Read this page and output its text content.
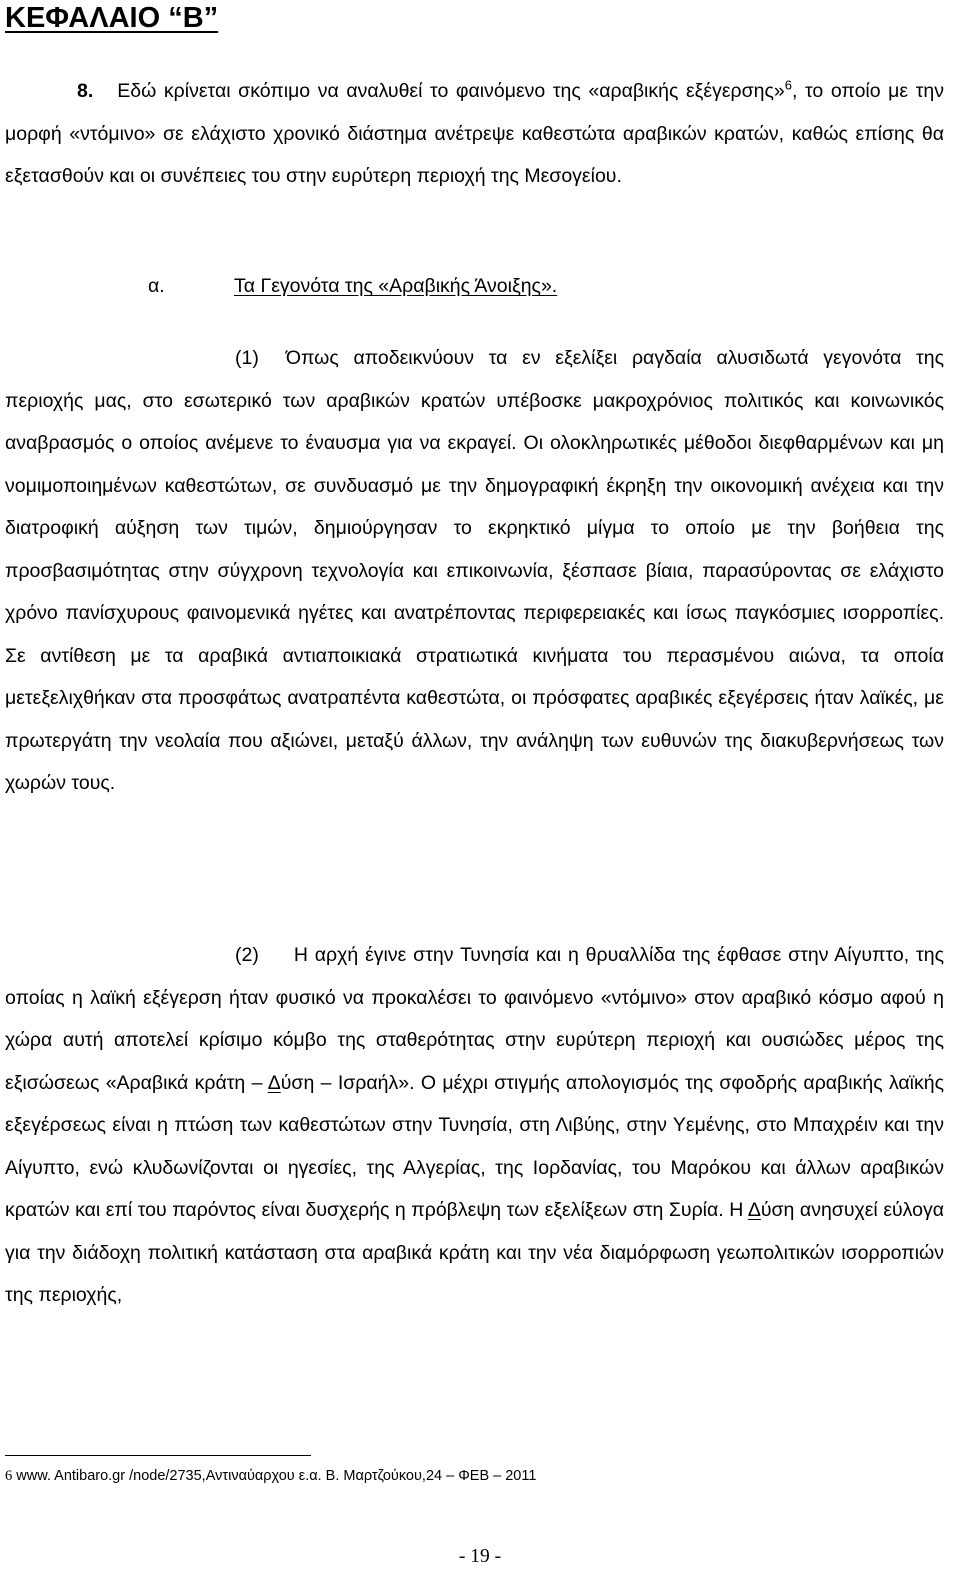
ΚΕΦΑΛΑΙΟ “Β”

8. Εδώ κρίνεται σκόπιμο να αναλυθεί το φαινόμενο της «αραβικής εξέγερσης»$^6$, το οποίο με την μορφή «ντόμινο» σε ελάχιστο χρονικό διάστημα ανέτρεψε καθεστώτα αραβικών κρατών, καθώς επίσης θα εξετασθούν και οι συνέπειες του στην ευρύτερη περιοχή της Μεσογείου.

α.	Τα Γεγονότα της «Αραβικής Άνοιξης».

(1) Όπως αποδεικνύουν τα εν εξελίξει ραγδαία αλυσιδωτά γεγονότα της περιοχής μας, στο εσωτερικό των αραβικών κρατών υπέβοσκε μακροχρόνιος πολιτικός και κοινωνικός αναβρασμός ο οποίος ανέμενε το έναυσμα για να εκραγεί. Οι ολοκληρωτικές μέθοδοι διεφθαρμένων και μη νομιμοποιημένων καθεστώτων, σε συνδυασμό με την δημογραφική έκρηξη την οικονομική ανέχεια και την διατροφική αύξηση των τιμών, δημιούργησαν το εκρηκτικό μίγμα το οποίο με την βοήθεια της προσβασιμότητας στην σύγχρονη τεχνολογία και επικοινωνία, ξέσπασε βίαια, παρασύροντας σε ελάχιστο χρόνο πανίσχυρους φαινομενικά ηγέτες και ανατρέποντας περιφερειακές και ίσως παγκόσμιες ισορροπίες. Σε αντίθεση με τα αραβικά αντιαποικιακά στρατιωτικά κινήματα του περασμένου αιώνα, τα οποία μετεξελιχθήκαν στα προσφάτως ανατραπέντα καθεστώτα, οι πρόσφατες αραβικές εξεγέρσεις ήταν λαϊκές, με πρωτεργάτη την νεολαία που αξιώνει, μεταξύ άλλων, την ανάληψη των ευθυνών της διακυβερνήσεως των χωρών τους.

(2) Η αρχή έγινε στην Τυνησία και η θρυαλλίδα της έφθασε στην Αίγυπτο, της οποίας η λαϊκή εξέγερση ήταν φυσικό να προκαλέσει το φαινόμενο «ντόμινο» στον αραβικό κόσμο αφού η χώρα αυτή αποτελεί κρίσιμο κόμβο της σταθερότητας στην ευρύτερη περιοχή και ουσιώδες μέρος της εξισώσεως «Αραβικά κράτη – Δύση – Ισραήλ». Ο μέχρι στιγμής απολογισμός της σφοδρής αραβικής λαϊκής εξεγέρσεως είναι η πτώση των καθεστώτων στην Τυνησία, στη Λιβύης, στην Υεμένης, στο Μπαχρέιν και την Αίγυπτο, ενώ κλυδωνίζονται οι ηγεσίες, της Αλγερίας, της Ιορδανίας, του Μαρόκου και άλλων αραβικών κρατών και επί του παρόντος είναι δυσχερής η πρόβλεψη των εξελίξεων στη Συρία. Η Δύση ανησυχεί εύλογα για την διάδοχη πολιτική κατάσταση στα αραβικά κράτη και την νέα διαμόρφωση γεωπολιτικών ισορροπιών της περιοχής,

6 www. Antibaro.gr /node/2735,Αντιναύαρχου ε.α. Β. Μαρτζούκου,24 – ΦΕΒ – 2011
- 19 -
